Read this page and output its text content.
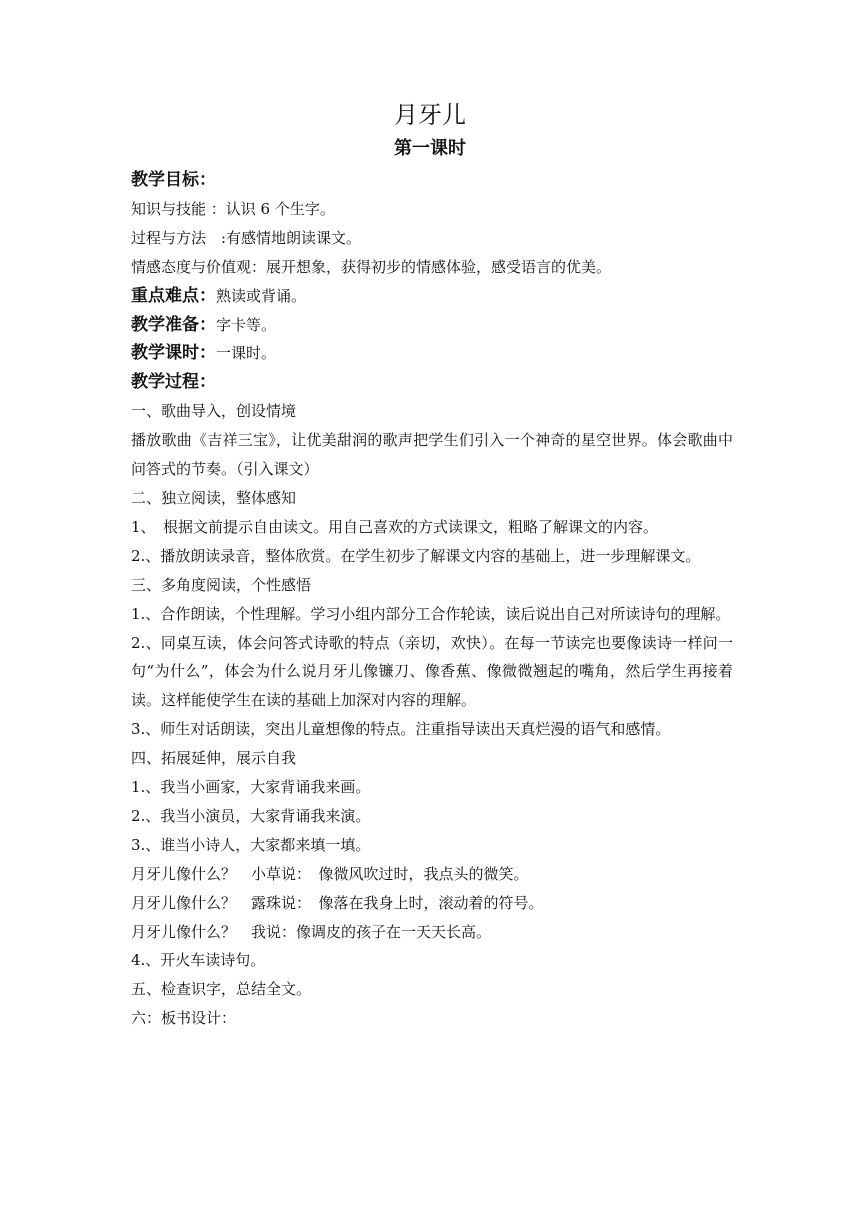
月牙儿
第一课时

教学目标：

知识与技能 ：认识 6 个生字。

过程与方法　:有感情地朗读课文。

情感态度与价值观：展开想象，获得初步的情感体验，感受语言的优美。

重点难点：熟读或背诵。

教学准备：字卡等。

教学课时：一课时。

教学过程：

一、歌曲导入，创设情境

播放歌曲《吉祥三宝》，让优美甜润的歌声把学生们引入一个神奇的星空世界。体会歌曲中问答式的节奏。（引入课文）

二、独立阅读，整体感知

1、　根据文前提示自由读文。用自己喜欢的方式读课文，粗略了解课文的内容。

2.、播放朗读录音，整体欣赏。在学生初步了解课文内容的基础上，进一步理解课文。

三、多角度阅读，个性感悟

1.、合作朗读，个性理解。学习小组内部分工合作轮读，读后说出自己对所读诗句的理解。

2.、同桌互读，体会问答式诗歌的特点（亲切，欢快）。在每一节读完也要像读诗一样问一句“为什么”，体会为什么说月牙儿像镰刀、像香蕉、像微微翘起的嘴角，然后学生再接着读。这样能使学生在读的基础上加深对内容的理解。

3.、师生对话朗读，突出儿童想像的特点。注重指导读出天真烂漫的语气和感情。

四、拓展延伸，展示自我

1.、我当小画家，大家背诵我来画。

2.、我当小演员，大家背诵我来演。

3.、谁当小诗人，大家都来填一填。

月牙儿像什么？　小草说：　像微风吹过时，我点头的微笑。

月牙儿像什么？　露珠说：　像落在我身上时，滚动着的符号。

月牙儿像什么？　我说：像调皮的孩子在一天天长高。

4.、开火车读诗句。

五、检查识字，总结全文。

六：板书设计：
